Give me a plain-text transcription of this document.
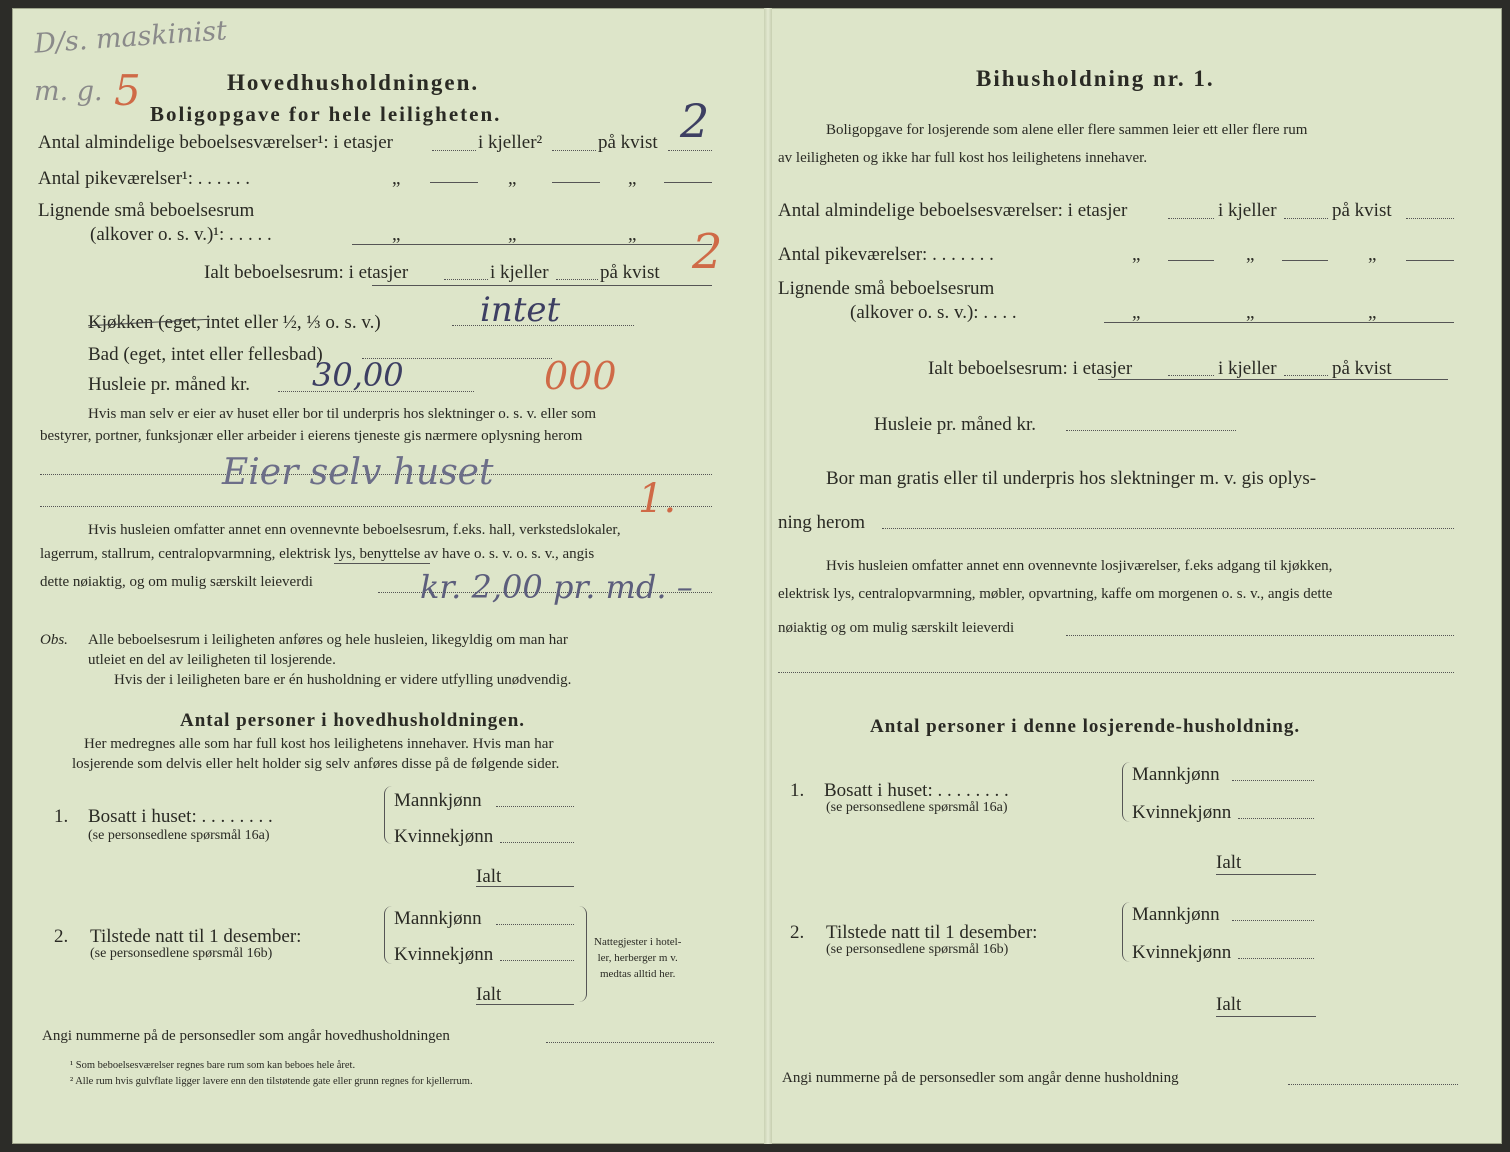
D/s. maskinist
m. g. 5	Hovedhusholdningen.
Boligopgave for hele leiligheten.
Antal almindelige beboelsesværelser¹: i etasjer	i kjeller²	på kvist 2
Antal pikeværelser¹: . . . . . .	„	„	„
Lignende små beboelsesrum
(alkover o. s. v.)¹: . . . . .	„	„	„
Ialt beboelsesrum: i etasjer	i kjeller	på kvist 2
Kjøkken (eget, intet eller ½, ⅓ o. s. v.)	intet
Bad (eget, intet eller fellesbad)
Husleie pr. måned kr. 30,00	000
Hvis man selv er eier av huset eller bor til underpris hos slektninger o. s. v. eller som
bestyrer, portner, funksjonær eller arbeider i eierens tjeneste gis nærmere oplysning herom
Eier selv huset
1.
Hvis husleien omfatter annet enn ovennevnte beboelsesrum, f.eks. hall, verkstedslokaler,
lagerrum, stallrum, centralopvarmning, elektrisk lys, benyttelse av have o. s. v. o. s. v., angis
dette nøiaktig, og om mulig særskilt leieverdi	kr. 2,00 pr. md. –
Obs. Alle beboelsesrum i leiligheten anføres og hele husleien, likegyldig om man har
utleiet en del av leiligheten til losjerende.
Hvis der i leiligheten bare er én husholdning er videre utfylling unødvendig.
Antal personer i hovedhusholdningen.
Her medregnes alle som har full kost hos leilighetens innehaver. Hvis man har
losjerende som delvis eller helt holder sig selv anføres disse på de følgende sider.
1. Bosatt i huset: . . . . . . . .
(se personsedlene spørsmål 16a)
Mannkjønn
Kvinnekjønn
Ialt
2. Tilstede natt til 1 desember:
(se personsedlene spørsmål 16b)
Mannkjønn
Kvinnekjønn
Ialt
Nattegjester i hotel-
ler, herberger m v.
medtas alltid her.
Angi nummerne på de personsedler som angår hovedhusholdningen
¹ Som beboelsesværelser regnes bare rum som kan beboes hele året.
² Alle rum hvis gulvflate ligger lavere enn den tilstøtende gate eller grunn regnes for kjellerrum.
Bihusholdning nr. 1.
Boligopgave for losjerende som alene eller flere sammen leier ett eller flere rum
av leiligheten og ikke har full kost hos leilighetens innehaver.
Antal almindelige beboelsesværelser: i etasjer	i kjeller	på kvist
Antal pikeværelser: . . . . . . .	„	„	„
Lignende små beboelsesrum
(alkover o. s. v.): . . . .	„	„	„
Ialt beboelsesrum: i etasjer	i kjeller	på kvist
Husleie pr. måned kr.
Bor man gratis eller til underpris hos slektninger m. v. gis oplys-
ning herom
Hvis husleien omfatter annet enn ovennevnte losjiværelser, f.eks adgang til kjøkken,
elektrisk lys, centralopvarmning, møbler, opvartning, kaffe om morgenen o. s. v., angis dette
nøiaktig og om mulig særskilt leieverdi
Antal personer i denne losjerende-husholdning.
1. Bosatt i huset: . . . . . . . .
(se personsedlene spørsmål 16a)
Mannkjønn
Kvinnekjønn
Ialt
2. Tilstede natt til 1 desember:
(se personsedlene spørsmål 16b)
Mannkjønn
Kvinnekjønn
Ialt
Angi nummerne på de personsedler som angår denne husholdning
